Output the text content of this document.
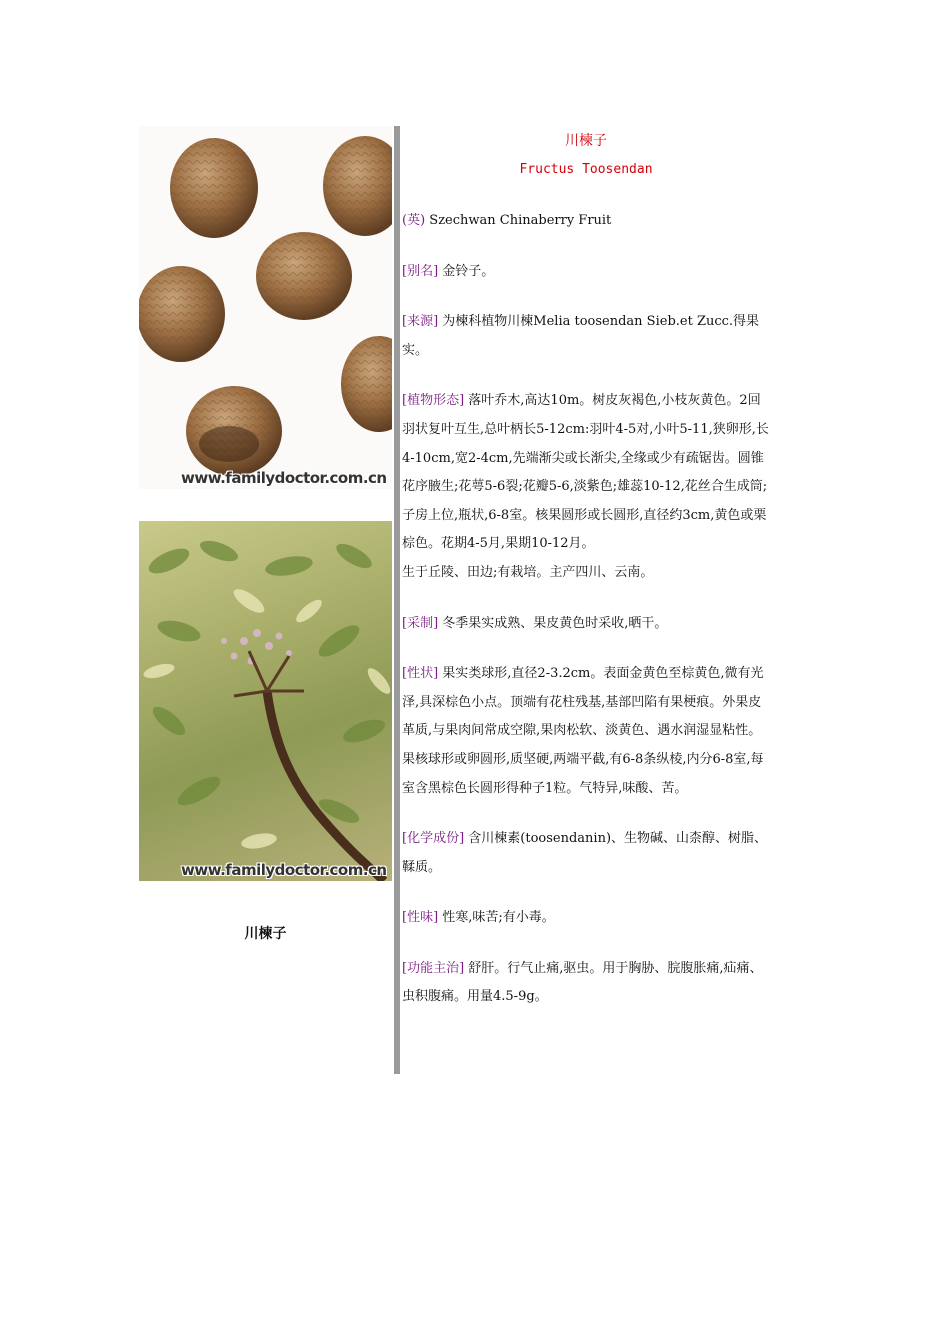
www.familydoctor.com.cn
www.familydoctor.com.cn
川楝子
川楝子
Fructus Toosendan

(英) Szechwan Chinaberry Fruit

[别名] 金铃子。

[来源] 为楝科植物川楝Melia toosendan Sieb.et Zucc.得果实。

[植物形态] 落叶乔木,高达10m。树皮灰褐色,小枝灰黄色。2回羽状复叶互生,总叶柄长5-12cm:羽叶4-5对,小叶5-11,狭卵形,长4-10cm,宽2-4cm,先端渐尖或长渐尖,全缘或少有疏锯齿。圆锥花序腋生;花萼5-6裂;花瓣5-6,淡紫色;雄蕊10-12,花丝合生成筒;子房上位,瓶状,6-8室。核果圆形或长圆形,直径约3cm,黄色或栗棕色。花期4-5月,果期10-12月。

生于丘陵、田边;有栽培。主产四川、云南。

[采制] 冬季果实成熟、果皮黄色时采收,晒干。

[性状] 果实类球形,直径2-3.2cm。表面金黄色至棕黄色,微有光泽,具深棕色小点。顶端有花柱残基,基部凹陷有果梗痕。外果皮革质,与果肉间常成空隙,果肉松软、淡黄色、遇水润湿显粘性。果核球形或卵圆形,质坚硬,两端平截,有6-8条纵棱,内分6-8室,每室含黑棕色长圆形得种子1粒。气特异,味酸、苦。

[化学成份] 含川楝素(toosendanin)、生物碱、山柰醇、树脂、鞣质。

[性味] 性寒,味苦;有小毒。

[功能主治] 舒肝。行气止痛,驱虫。用于胸胁、脘腹胀痛,疝痛、虫积腹痛。用量4.5-9g。
